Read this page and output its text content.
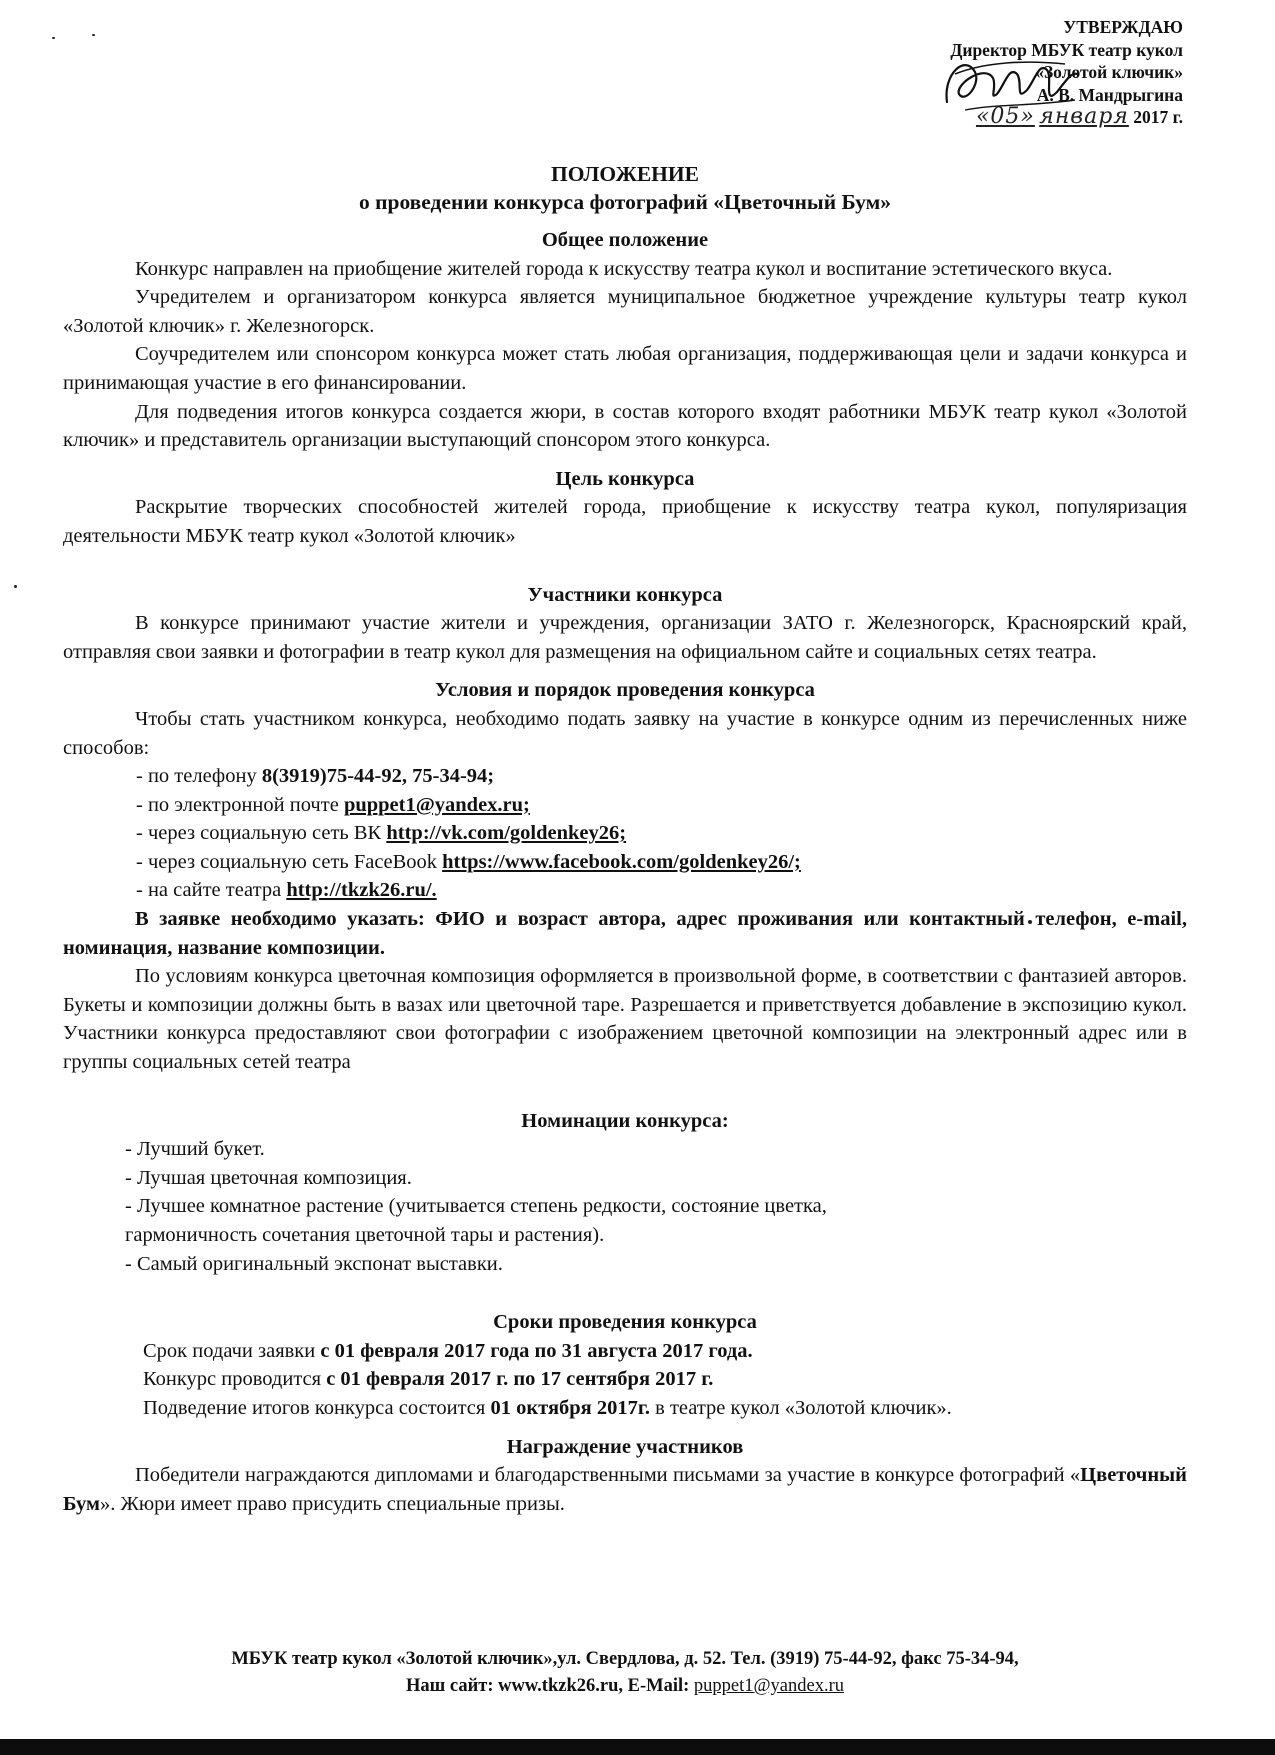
УТВЕРЖДАЮ
Директор МБУК театр кукол
«Золотой ключик»
А. В. Мандрыгина
«05» января 2017 г.
ПОЛОЖЕНИЕ
о проведении конкурса фотографий «Цветочный Бум»
Общее положение

Конкурс направлен на приобщение жителей города к искусству театра кукол и воспитание эстетического вкуса.

Учредителем и организатором конкурса является муниципальное бюджетное учреждение культуры театр кукол «Золотой ключик» г. Железногорск.

Соучредителем или спонсором конкурса может стать любая организация, поддерживающая цели и задачи конкурса и принимающая участие в его финансировании.

Для подведения итогов конкурса создается жюри, в состав которого входят работники МБУК театр кукол «Золотой ключик» и представитель организации выступающий спонсором этого конкурса.

Цель конкурса

Раскрытие творческих способностей жителей города, приобщение к искусству театра кукол, популяризация деятельности МБУК театр кукол «Золотой ключик»

Участники конкурса

В конкурсе принимают участие жители и учреждения, организации ЗАТО г. Железногорск, Красноярский край, отправляя свои заявки и фотографии в театр кукол для размещения на официальном сайте и социальных сетях театра.

Условия и порядок проведения конкурса

Чтобы стать участником конкурса, необходимо подать заявку на участие в конкурсе одним из перечисленных ниже способов:

- по телефону 8(3919)75-44-92, 75-34-94;
- по электронной почте puppet1@yandex.ru;
- через социальную сеть ВК http://vk.com/goldenkey26;
- через социальную сеть FaceBook https://www.facebook.com/goldenkey26/;
- на сайте театра http://tkzk26.ru/.

В заявке необходимо указать: ФИО и возраст автора, адрес проживания или контактный телефон, e-mail, номинация, название композиции.

По условиям конкурса цветочная композиция оформляется в произвольной форме, в соответствии с фантазией авторов. Букеты и композиции должны быть в вазах или цветочной таре. Разрешается и приветствуется добавление в экспозицию кукол. Участники конкурса предоставляют свои фотографии с изображением цветочной композиции на электронный адрес или в группы социальных сетей театра

Номинации конкурса:
- Лучший букет.
- Лучшая цветочная композиция.
- Лучшее комнатное растение (учитывается степень редкости, состояние цветка,
гармоничность сочетания цветочной тары и растения).
- Самый оригинальный экспонат выставки.
Сроки проведения конкурса
Срок подачи заявки с 01 февраля 2017 года по 31 августа 2017 года.
Конкурс проводится с 01 февраля 2017 г. по 17 сентября 2017 г.
Подведение итогов конкурса состоится 01 октября 2017г. в театре кукол «Золотой ключик».
Награждение участников

Победители награждаются дипломами и благодарственными письмами за участие в конкурсе фотографий «Цветочный Бум». Жюри имеет право присудить специальные призы.

МБУК театр кукол «Золотой ключик»,ул. Свердлова, д. 52. Тел. (3919) 75-44-92, факс 75-34-94,
Наш сайт: www.tkzk26.ru, E-Mail: puppet1@yandex.ru
